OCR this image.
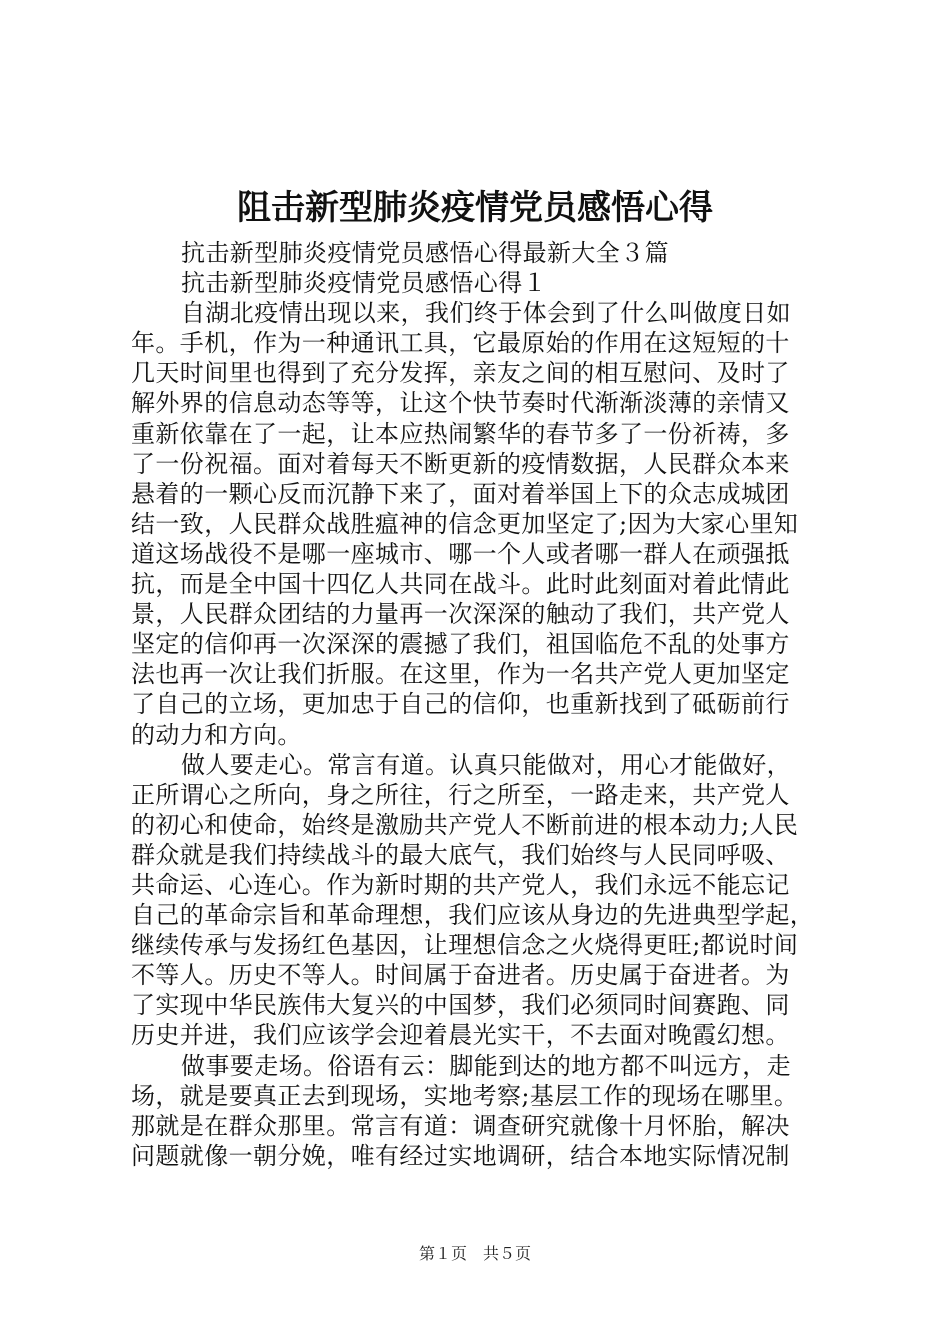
阻击新型肺炎疫情党员感悟心得
抗击新型肺炎疫情党员感悟心得最新大全３篇
抗击新型肺炎疫情党员感悟心得１
自湖北疫情出现以来，我们终于体会到了什么叫做度日如
年。手机，作为一种通讯工具，它最原始的作用在这短短的十
几天时间里也得到了充分发挥，亲友之间的相互慰问、及时了
解外界的信息动态等等，让这个快节奏时代渐渐淡薄的亲情又
重新依靠在了一起，让本应热闹繁华的春节多了一份祈祷，多
了一份祝福。面对着每天不断更新的疫情数据，人民群众本来
悬着的一颗心反而沉静下来了，面对着举国上下的众志成城团
结一致，人民群众战胜瘟神的信念更加坚定了;因为大家心里知
道这场战役不是哪一座城市、哪一个人或者哪一群人在顽强抵
抗，而是全中国十四亿人共同在战斗。此时此刻面对着此情此
景，人民群众团结的力量再一次深深的触动了我们，共产党人
坚定的信仰再一次深深的震撼了我们，祖国临危不乱的处事方
法也再一次让我们折服。在这里，作为一名共产党人更加坚定
了自己的立场，更加忠于自己的信仰，也重新找到了砥砺前行
的动力和方向。
做人要走心。常言有道。认真只能做对，用心才能做好，
正所谓心之所向，身之所往，行之所至，一路走来，共产党人
的初心和使命，始终是激励共产党人不断前进的根本动力;人民
群众就是我们持续战斗的最大底气，我们始终与人民同呼吸、
共命运、心连心。作为新时期的共产党人，我们永远不能忘记
自己的革命宗旨和革命理想，我们应该从身边的先进典型学起，
继续传承与发扬红色基因，让理想信念之火烧得更旺;都说时间
不等人。历史不等人。时间属于奋进者。历史属于奋进者。为
了实现中华民族伟大复兴的中国梦，我们必须同时间赛跑、同
历史并进，我们应该学会迎着晨光实干，不去面对晚霞幻想。
做事要走场。俗语有云：脚能到达的地方都不叫远方，走
场，就是要真正去到现场，实地考察;基层工作的现场在哪里。
那就是在群众那里。常言有道：调查研究就像十月怀胎，解决
问题就像一朝分娩，唯有经过实地调研，结合本地实际情况制
第１页　共５页
